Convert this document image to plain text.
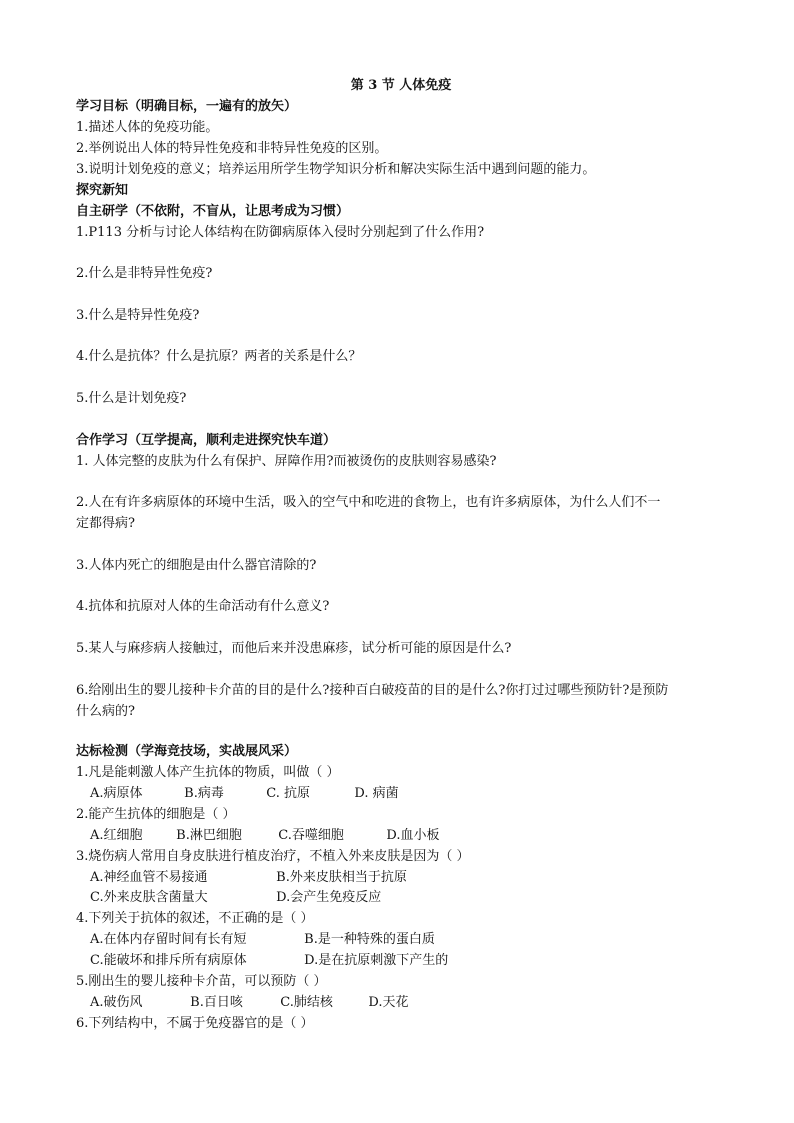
第 3 节 人体免疫
学习目标（明确目标，一遍有的放矢）
1.描述人体的免疫功能。
2.举例说出人体的特异性免疫和非特异性免疫的区别。
3.说明计划免疫的意义；培养运用所学生物学知识分析和解决实际生活中遇到问题的能力。
探究新知
自主研学（不依附，不盲从，让思考成为习惯）
1.P113 分析与讨论人体结构在防御病原体入侵时分别起到了什么作用?
2.什么是非特异性免疫?
3.什么是特异性免疫?
4.什么是抗体？什么是抗原？两者的关系是什么？
5.什么是计划免疫?
合作学习（互学提高，顺利走进探究快车道）
1. 人体完整的皮肤为什么有保护、屏障作用?而被烫伤的皮肤则容易感染?
2.人在有许多病原体的环境中生活，吸入的空气中和吃进的食物上，也有许多病原体，为什么人们不一
定都得病?
3.人体内死亡的细胞是由什么器官清除的?
4.抗体和抗原对人体的生命活动有什么意义?
5.某人与麻疹病人接触过，而他后来并没患麻疹，试分析可能的原因是什么?
6.给刚出生的婴儿接种卡介苗的目的是什么?接种百白破疫苗的目的是什么?你打过过哪些预防针?是预防
什么病的?
达标检测（学海竞技场，实战展风采）
1.凡是能刺激人体产生抗体的物质，叫做（ ）
A.病原体	B.病毒	C. 抗原	D. 病菌
2.能产生抗体的细胞是（ ）
A.红细胞	B.淋巴细胞	C.吞噬细胞	D.血小板
3.烧伤病人常用自身皮肤进行植皮治疗，不植入外来皮肤是因为（ ）
A.神经血管不易接通	B.外来皮肤相当于抗原
C.外来皮肤含菌量大	D.会产生免疫反应
4.下列关于抗体的叙述，不正确的是（ ）
A.在体内存留时间有长有短	B.是一种特殊的蛋白质
C.能破坏和排斥所有病原体	D.是在抗原刺激下产生的
5.刚出生的婴儿接种卡介苗，可以预防（ ）
A.破伤风	B.百日咳	C.肺结核	D.天花
6.下列结构中，不属于免疫器官的是（ ）
